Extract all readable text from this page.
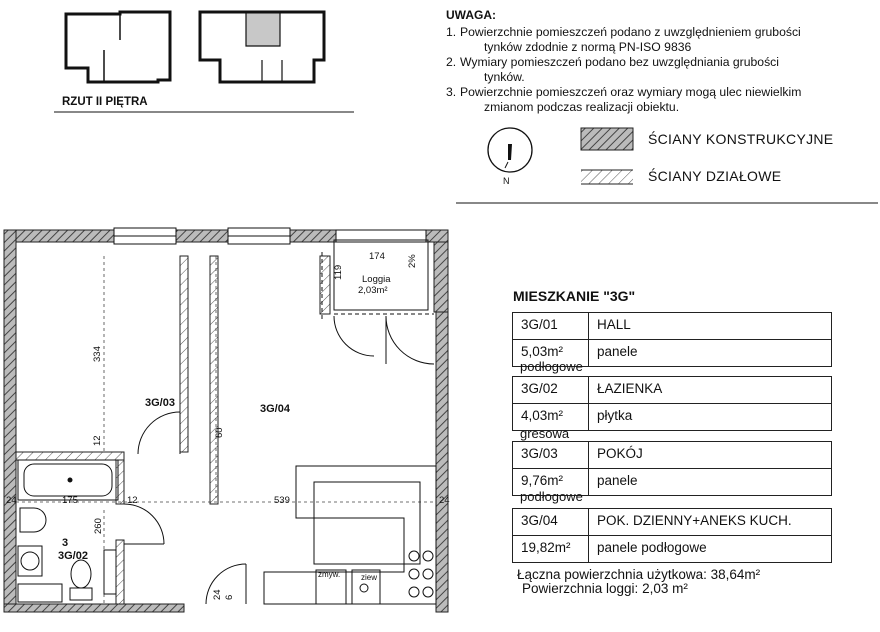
174
119
2%
334
12
60
24	175	12	539	24
260
24 6
zmyw.	ziew
3G/03	3G/04
3
3G/02
Loggia
2,03m²
RZUT II PIĘTRA
UWAGA:
1. Powierzchnie pomieszczeń podano z uwzględnieniem grubości
tynków zdodnie z normą PN-ISO 9836
2. Wymiary pomieszczeń podano bez uwzględniania grubości
tynków.
3. Powierzchnie pomieszczeń oraz wymiary mogą ulec niewielkim
zmianom podczas realizacji obiektu.
N
ŚCIANY KONSTRUKCYJNE
ŚCIANY DZIAŁOWE
MIESZKANIE "3G"
3G/01	HALL
5,03m²	panele
podłogowe
3G/02	ŁAZIENKA
4,03m²	płytka
gresowa
3G/03	POKÓJ
9,76m²	panele
podłogowe
3G/04	POK. DZIENNY+ANEKS KUCH.
19,82m²	panele podłogowe
Łączna powierzchnia użytkowa: 38,64m²
Powierzchnia loggi: 2,03 m²
